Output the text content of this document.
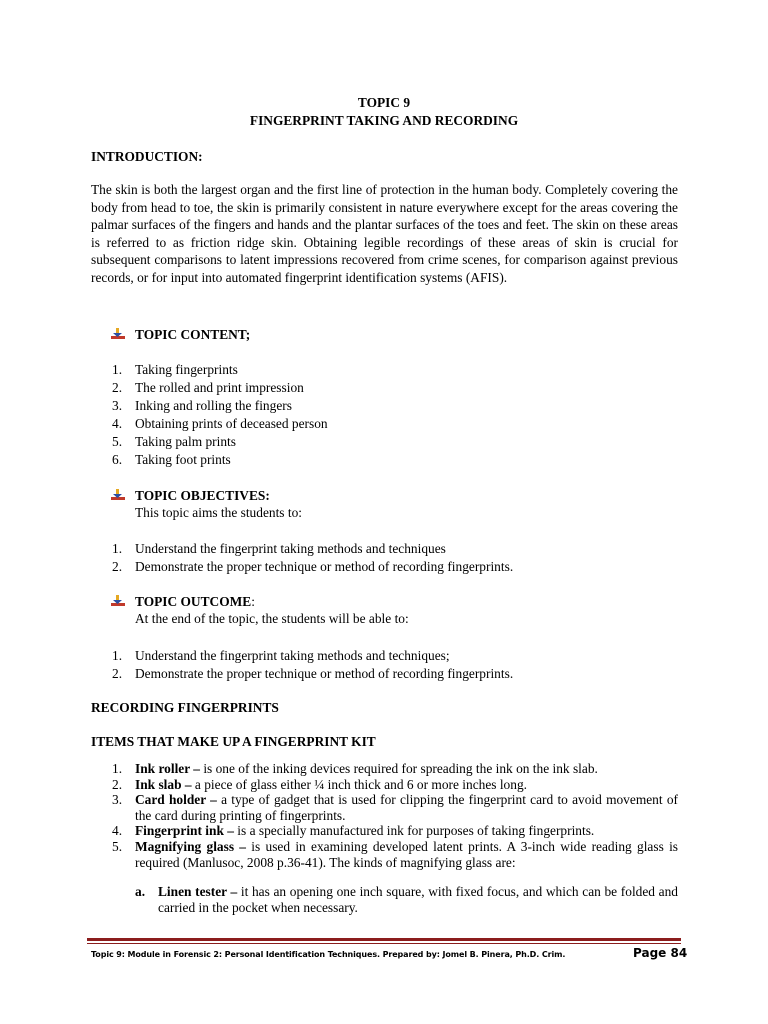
TOPIC 9
FINGERPRINT TAKING AND RECORDING
INTRODUCTION:
The skin is both the largest organ and the first line of protection in the human body. Completely covering the body from head to toe, the skin is primarily consistent in nature everywhere except for the areas covering the palmar surfaces of the fingers and hands and the plantar surfaces of the toes and feet. The skin on these areas is referred to as friction ridge skin. Obtaining legible recordings of these areas of skin is crucial for subsequent comparisons to latent impressions recovered from crime scenes, for comparison against previous records, or for input into automated fingerprint identification systems (AFIS).
TOPIC CONTENT;
1. Taking fingerprints
2. The rolled and print impression
3. Inking and rolling the fingers
4. Obtaining prints of deceased person
5. Taking palm prints
6. Taking foot prints
TOPIC OBJECTIVES:
This topic aims the students to:
1. Understand the fingerprint taking methods and techniques
2. Demonstrate the proper technique or method of recording fingerprints.
TOPIC OUTCOME:
At the end of the topic, the students will be able to:
1. Understand the fingerprint taking methods and techniques;
2. Demonstrate the proper technique or method of recording fingerprints.
RECORDING FINGERPRINTS
ITEMS THAT MAKE UP A FINGERPRINT KIT
1. Ink roller – is one of the inking devices required for spreading the ink on the ink slab.
2. Ink slab – a piece of glass either ¼ inch thick and 6 or more inches long.
3. Card holder – a type of gadget that is used for clipping the fingerprint card to avoid movement of the card during printing of fingerprints.
4. Fingerprint ink – is a specially manufactured ink for purposes of taking fingerprints.
5. Magnifying glass – is used in examining developed latent prints. A 3-inch wide reading glass is required (Manlusoc, 2008 p.36-41). The kinds of magnifying glass are:
a. Linen tester – it has an opening one inch square, with fixed focus, and which can be folded and carried in the pocket when necessary.
Topic 9: Module in Forensic 2: Personal Identification Techniques. Prepared by: Jomel B. Pinera, Ph.D. Crim.	Page 84
